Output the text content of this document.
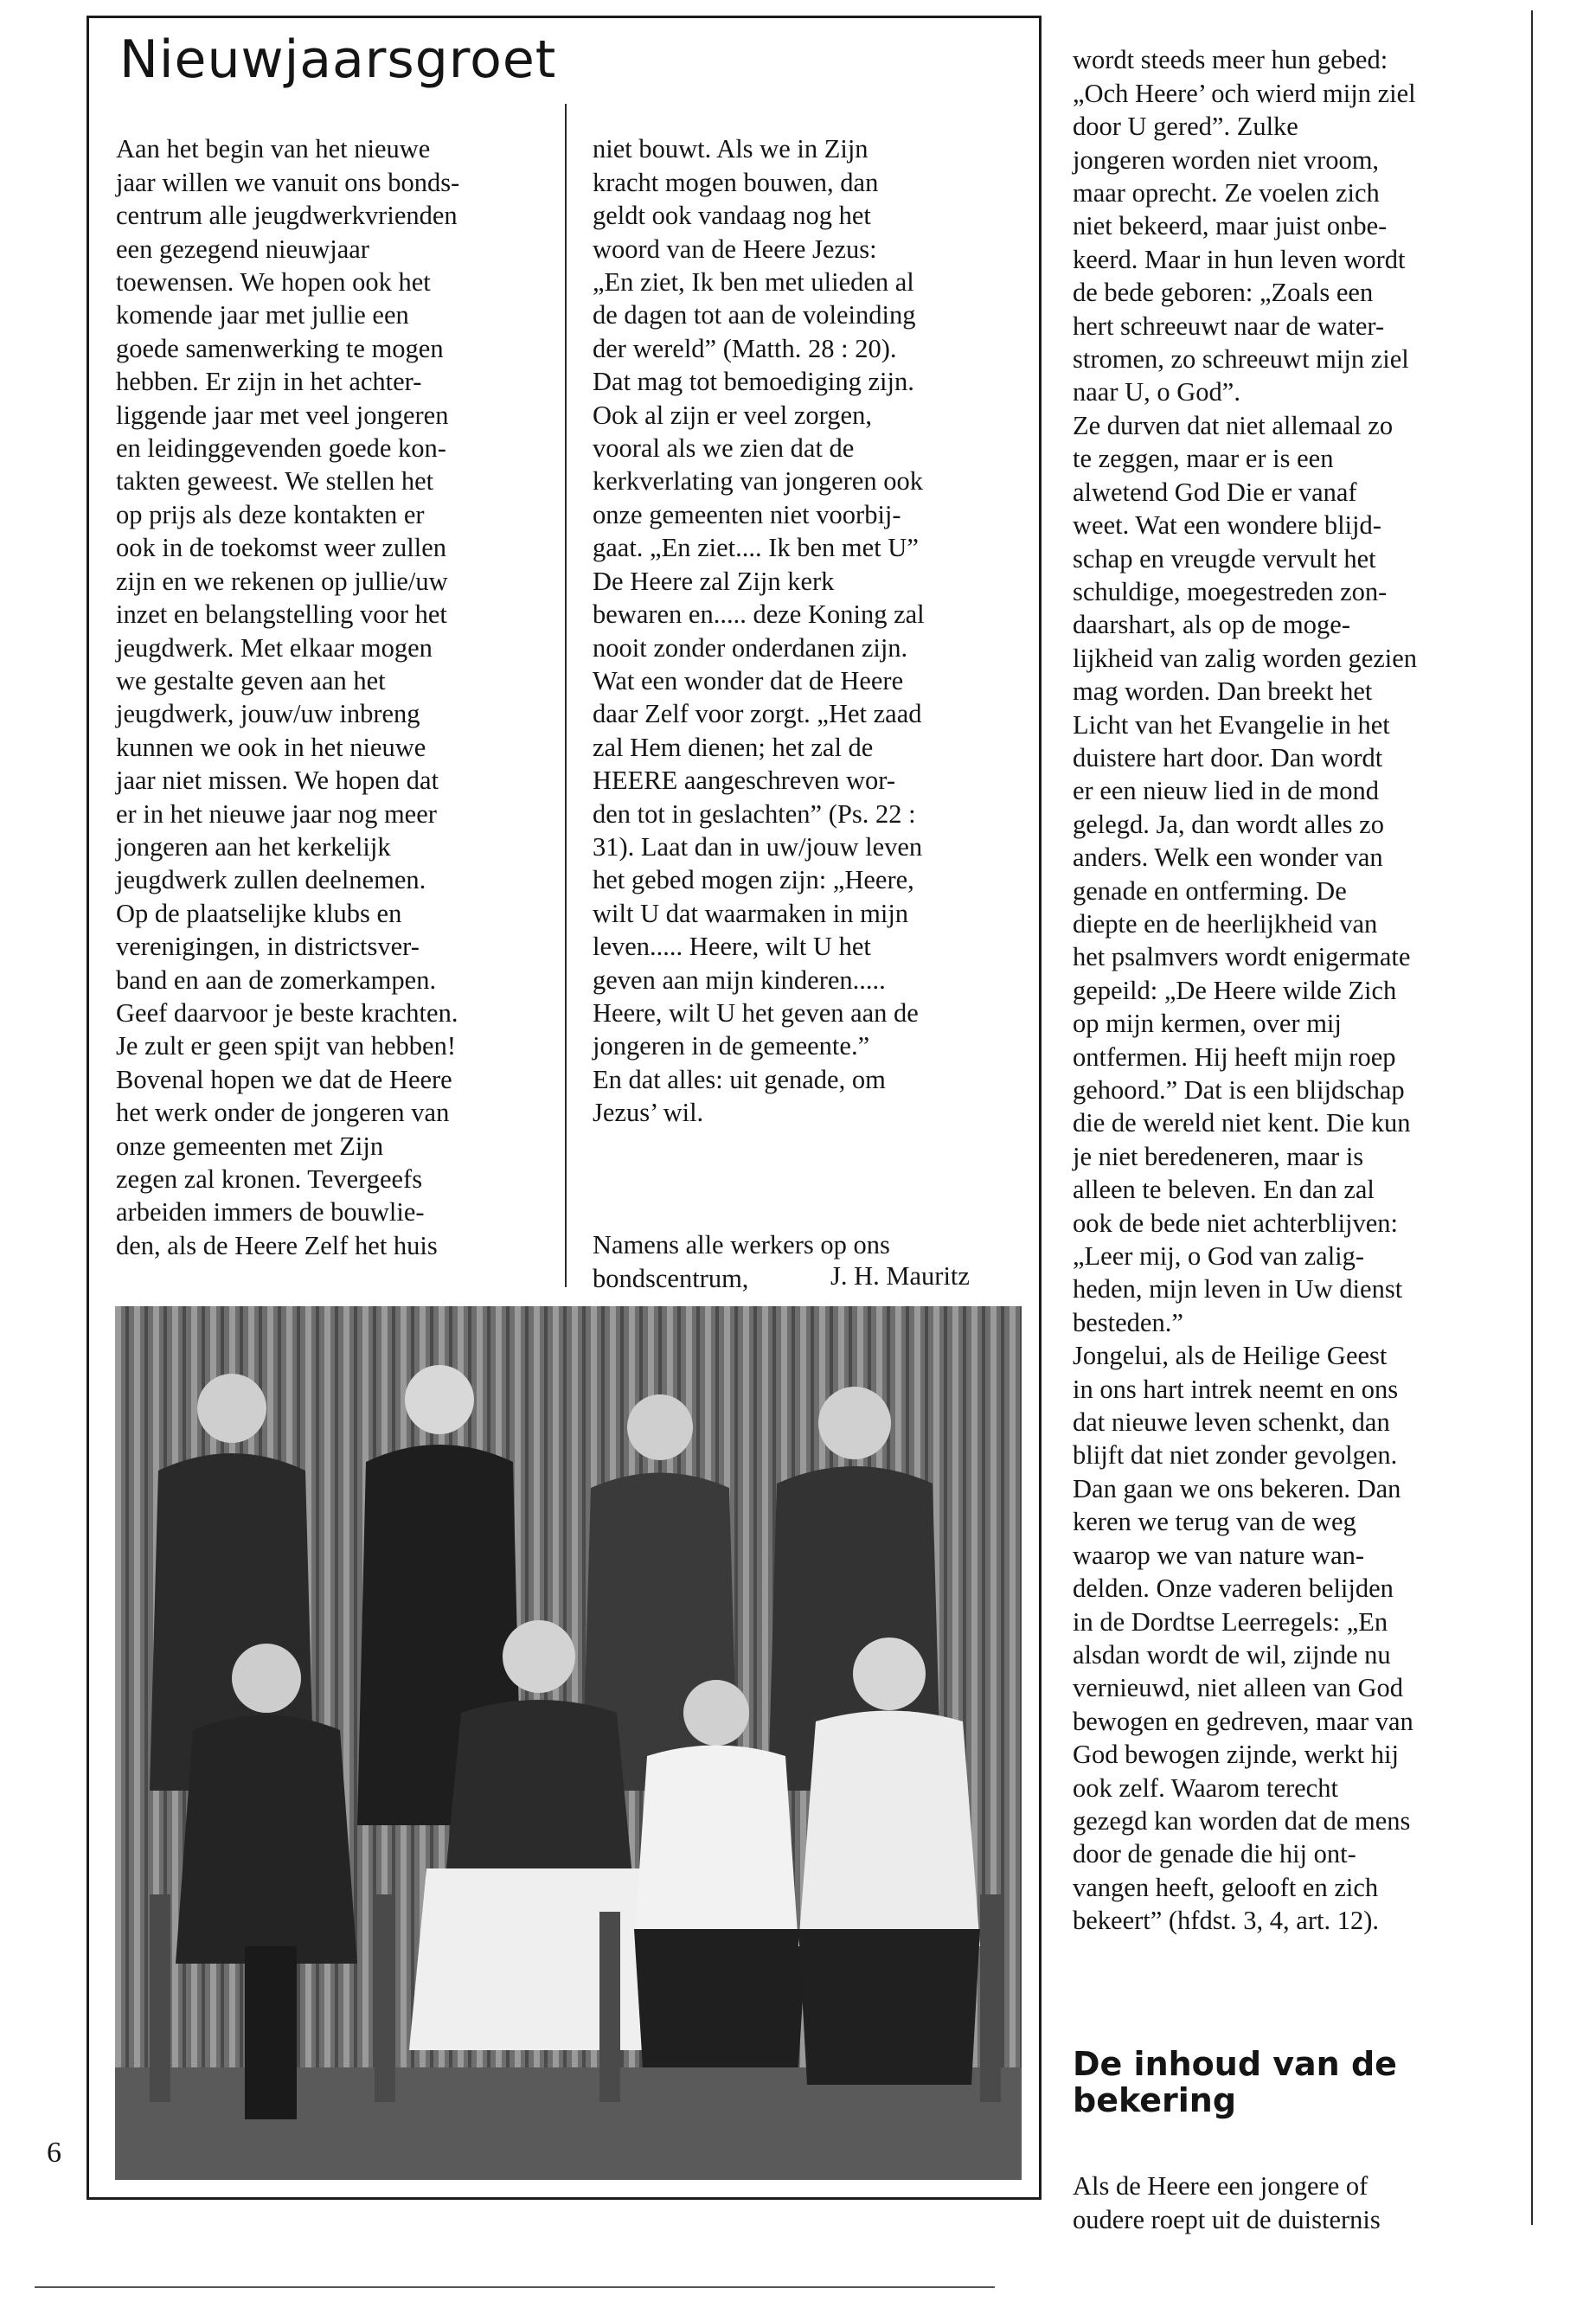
Nieuwjaarsgroet

Aan het begin van het nieuwe
jaar willen we vanuit ons bonds-
centrum alle jeugdwerkvrienden
een gezegend nieuwjaar
toewensen. We hopen ook het
komende jaar met jullie een
goede samenwerking te mogen
hebben. Er zijn in het achter-
liggende jaar met veel jongeren
en leidinggevenden goede kon-
takten geweest. We stellen het
op prijs als deze kontakten er
ook in de toekomst weer zullen
zijn en we rekenen op jullie/uw
inzet en belangstelling voor het
jeugdwerk. Met elkaar mogen
we gestalte geven aan het
jeugdwerk, jouw/uw inbreng
kunnen we ook in het nieuwe
jaar niet missen. We hopen dat
er in het nieuwe jaar nog meer
jongeren aan het kerkelijk
jeugdwerk zullen deelnemen.
Op de plaatselijke klubs en
verenigingen, in districtsver-
band en aan de zomerkampen.
Geef daarvoor je beste krachten.
Je zult er geen spijt van hebben!
Bovenal hopen we dat de Heere
het werk onder de jongeren van
onze gemeenten met Zijn
zegen zal kronen. Tevergeefs
arbeiden immers de bouwlie-
den, als de Heere Zelf het huis

niet bouwt. Als we in Zijn
kracht mogen bouwen, dan
geldt ook vandaag nog het
woord van de Heere Jezus:
„En ziet, Ik ben met ulieden al
de dagen tot aan de voleinding
der wereld” (Matth. 28 : 20).
Dat mag tot bemoediging zijn.
Ook al zijn er veel zorgen,
vooral als we zien dat de
kerkverlating van jongeren ook
onze gemeenten niet voorbij-
gaat. „En ziet.... Ik ben met U”
De Heere zal Zijn kerk
bewaren en..... deze Koning zal
nooit zonder onderdanen zijn.
Wat een wonder dat de Heere
daar Zelf voor zorgt. „Het zaad
zal Hem dienen; het zal de
HEERE aangeschreven wor-
den tot in geslachten” (Ps. 22 :
31). Laat dan in uw/jouw leven
het gebed mogen zijn: „Heere,
wilt U dat waarmaken in mijn
leven..... Heere, wilt U het
geven aan mijn kinderen.....
Heere, wilt U het geven aan de
jongeren in de gemeente.”
En dat alles: uit genade, om
Jezus’ wil.

Namens alle werkers op ons
bondscentrum,	J. H. Mauritz

wordt steeds meer hun gebed:
„Och Heere’ och wierd mijn ziel
door U gered”. Zulke
jongeren worden niet vroom,
maar oprecht. Ze voelen zich
niet bekeerd, maar juist onbe-
keerd. Maar in hun leven wordt
de bede geboren: „Zoals een
hert schreeuwt naar de water-
stromen, zo schreeuwt mijn ziel
naar U, o God”.
Ze durven dat niet allemaal zo
te zeggen, maar er is een
alwetend God Die er vanaf
weet. Wat een wondere blijd-
schap en vreugde vervult het
schuldige, moegestreden zon-
daarshart, als op de moge-
lijkheid van zalig worden gezien
mag worden. Dan breekt het
Licht van het Evangelie in het
duistere hart door. Dan wordt
er een nieuw lied in de mond
gelegd. Ja, dan wordt alles zo
anders. Welk een wonder van
genade en ontferming. De
diepte en de heerlijkheid van
het psalmvers wordt enigermate
gepeild: „De Heere wilde Zich
op mijn kermen, over mij
ontfermen. Hij heeft mijn roep
gehoord.” Dat is een blijdschap
die de wereld niet kent. Die kun
je niet beredeneren, maar is
alleen te beleven. En dan zal
ook de bede niet achterblijven:
„Leer mij, o God van zalig-
heden, mijn leven in Uw dienst
besteden.”
Jongelui, als de Heilige Geest
in ons hart intrek neemt en ons
dat nieuwe leven schenkt, dan
blijft dat niet zonder gevolgen.
Dan gaan we ons bekeren. Dan
keren we terug van de weg
waarop we van nature wan-
delden. Onze vaderen belijden
in de Dordtse Leerregels: „En
alsdan wordt de wil, zijnde nu
vernieuwd, niet alleen van God
bewogen en gedreven, maar van
God bewogen zijnde, werkt hij
ook zelf. Waarom terecht
gezegd kan worden dat de mens
door de genade die hij ont-
vangen heeft, gelooft en zich
bekeert” (hfdst. 3, 4, art. 12).

De inhoud van de
bekering

Als de Heere een jongere of
oudere roept uit de duisternis

6
